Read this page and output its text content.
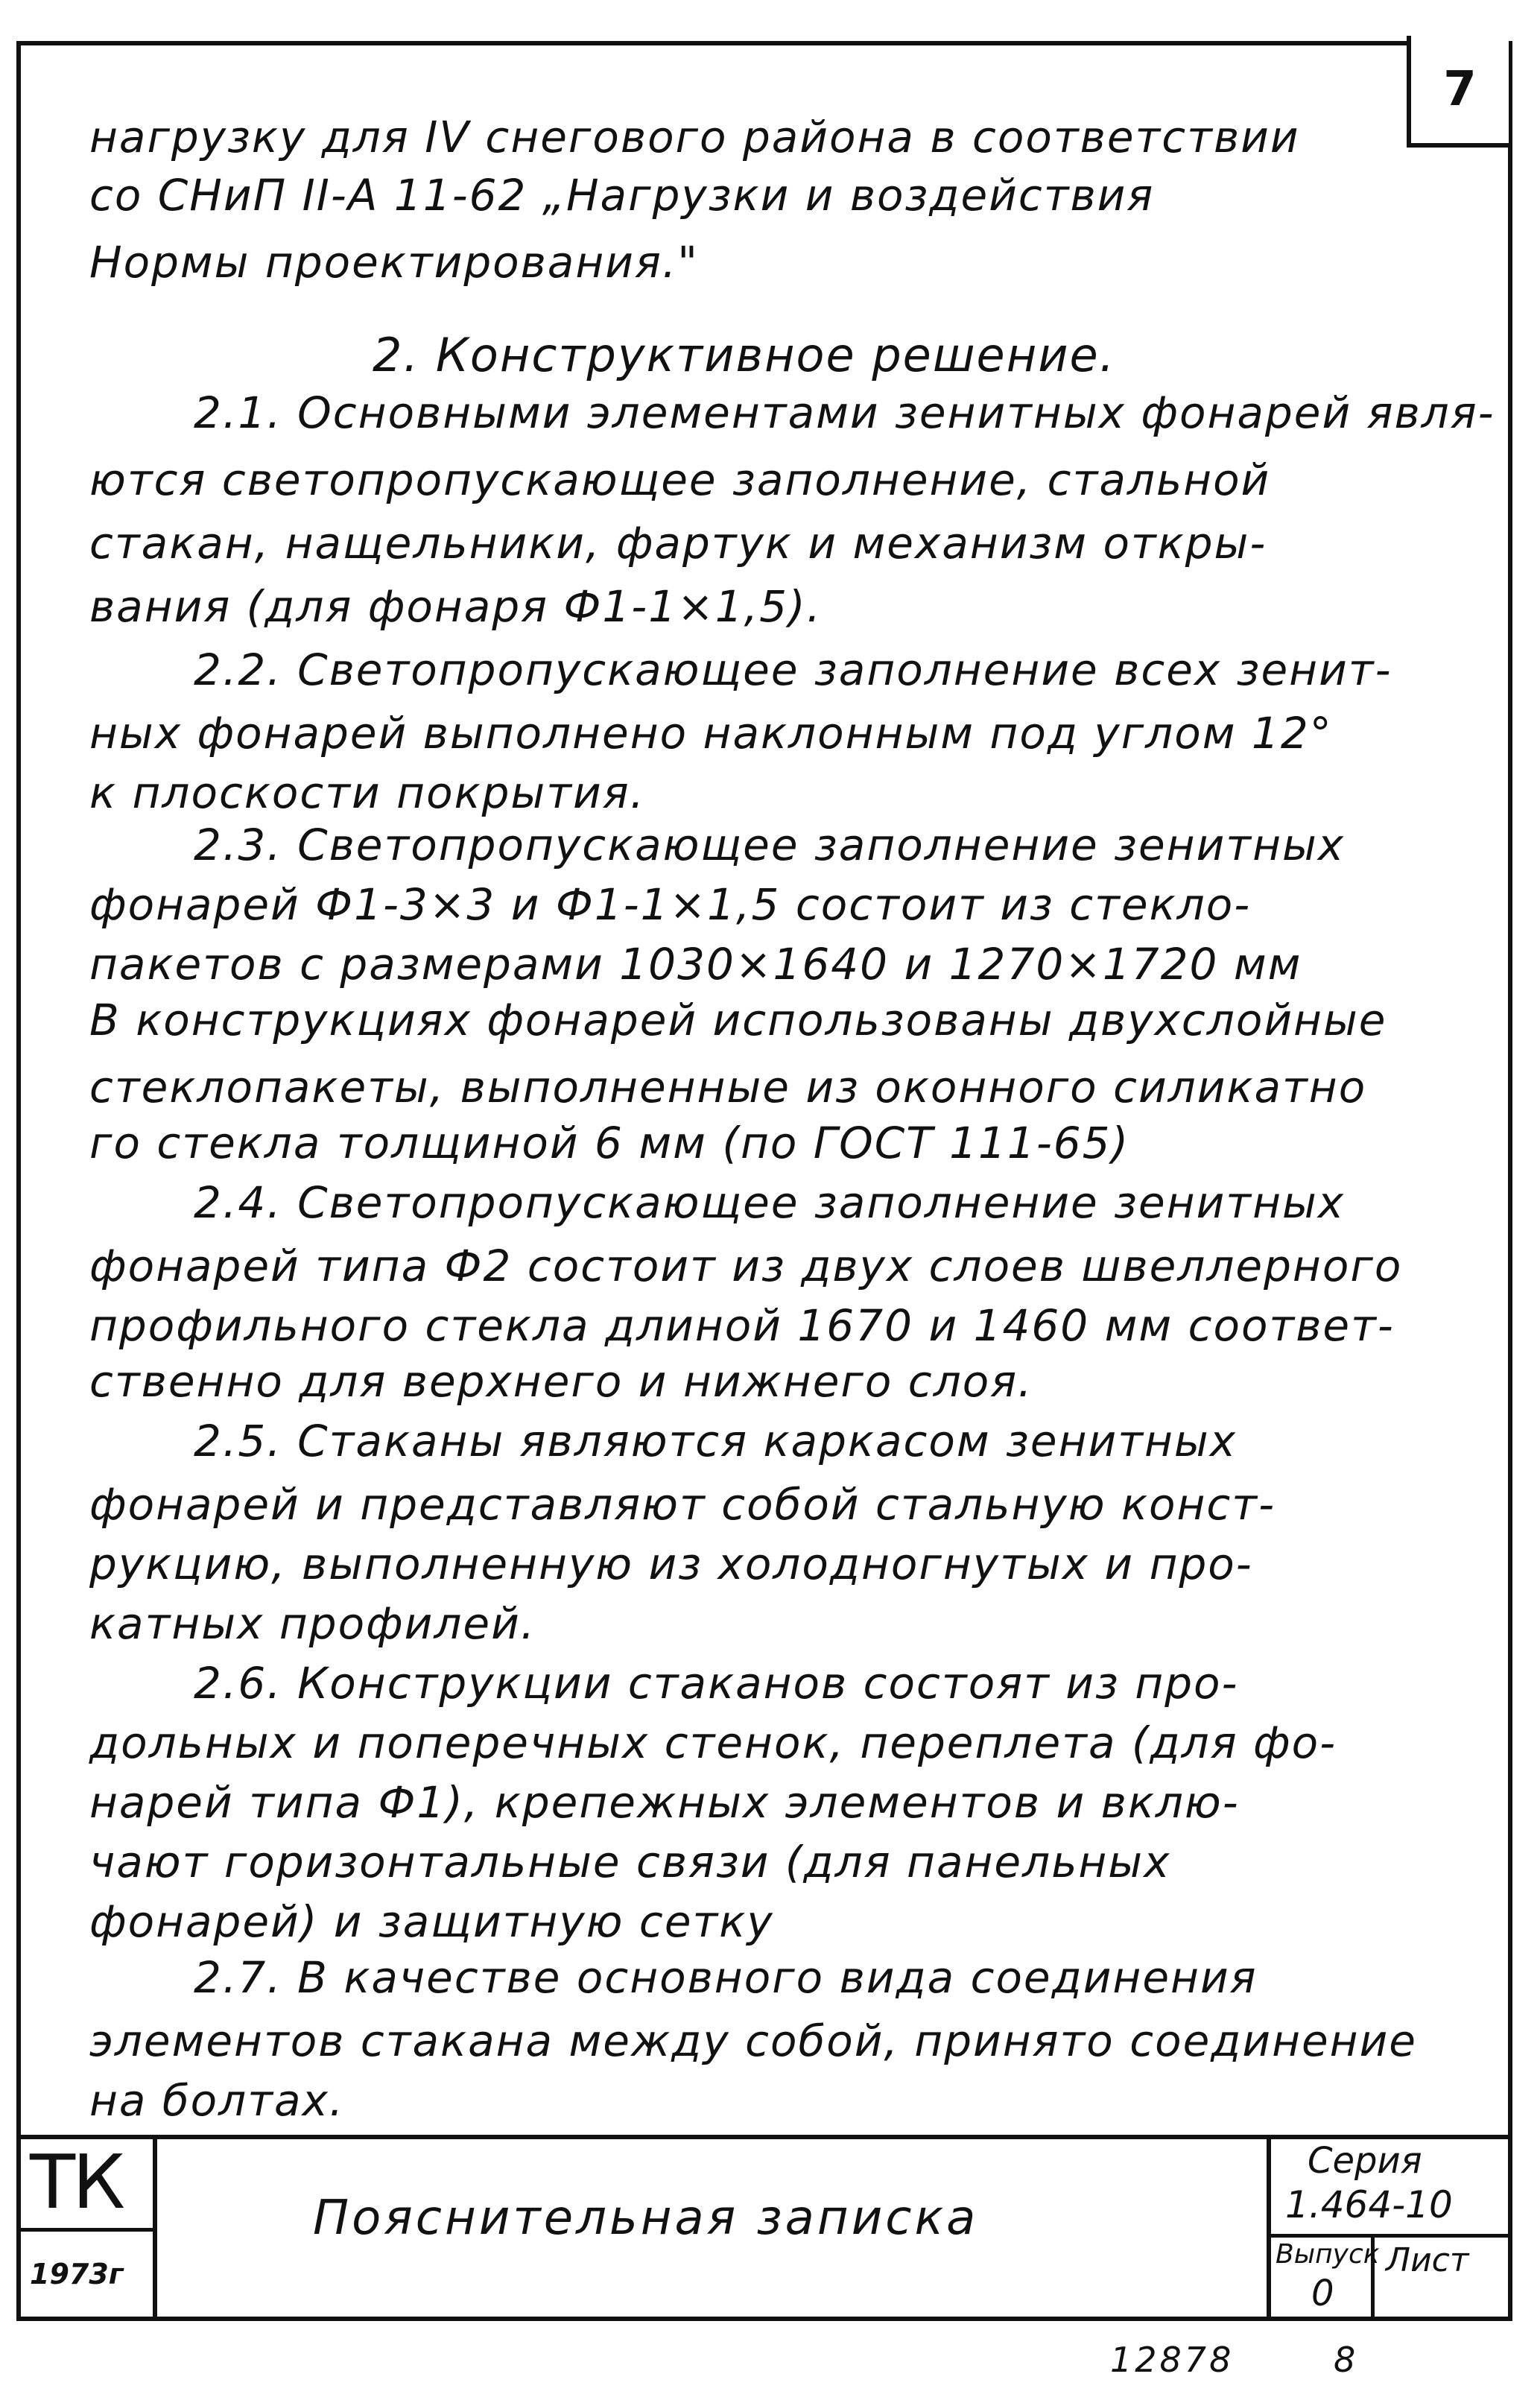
7
нагрузку для IV снегового района в соответствии
со СНиП II-А 11-62 „Нагрузки и воздействия
Нормы проектирования."
2. Конструктивное решение.
2.1. Основными элементами зенитных фонарей явля-
ются светопропускающее заполнение, стальной
стакан, нащельники, фартук и механизм откры-
вания (для фонаря Ф1-1×1,5).
2.2. Светопропускающее заполнение всех зенит-
ных фонарей выполнено наклонным под углом 12°
к плоскости покрытия.
2.3. Светопропускающее заполнение зенитных
фонарей Ф1-3×3 и Ф1-1×1,5 состоит из стекло-
пакетов с размерами 1030×1640 и 1270×1720 мм
В конструкциях фонарей использованы двухслойные
стеклопакеты, выполненные из оконного силикатно
го стекла толщиной 6 мм (по ГОСТ 111-65)
2.4. Светопропускающее заполнение зенитных
фонарей типа Ф2 состоит из двух слоев швеллерного
профильного стекла длиной 1670 и 1460 мм соответ-
ственно для верхнего и нижнего слоя.
2.5. Стаканы являются каркасом зенитных
фонарей и представляют собой стальную конст-
рукцию, выполненную из холодногнутых и про-
катных профилей.
2.6. Конструкции стаканов состоят из про-
дольных и поперечных стенок, переплета (для фо-
нарей типа Ф1), крепежных элементов и вклю-
чают горизонтальные связи (для панельных
фонарей) и защитную сетку
2.7. В качестве основного вида соединения
элементов стакана между собой, принято соединение
на болтах.
ТК
1973г
Пояснительная записка
Серия
1.464-10
Выпуск
0
Лист
12878	8
